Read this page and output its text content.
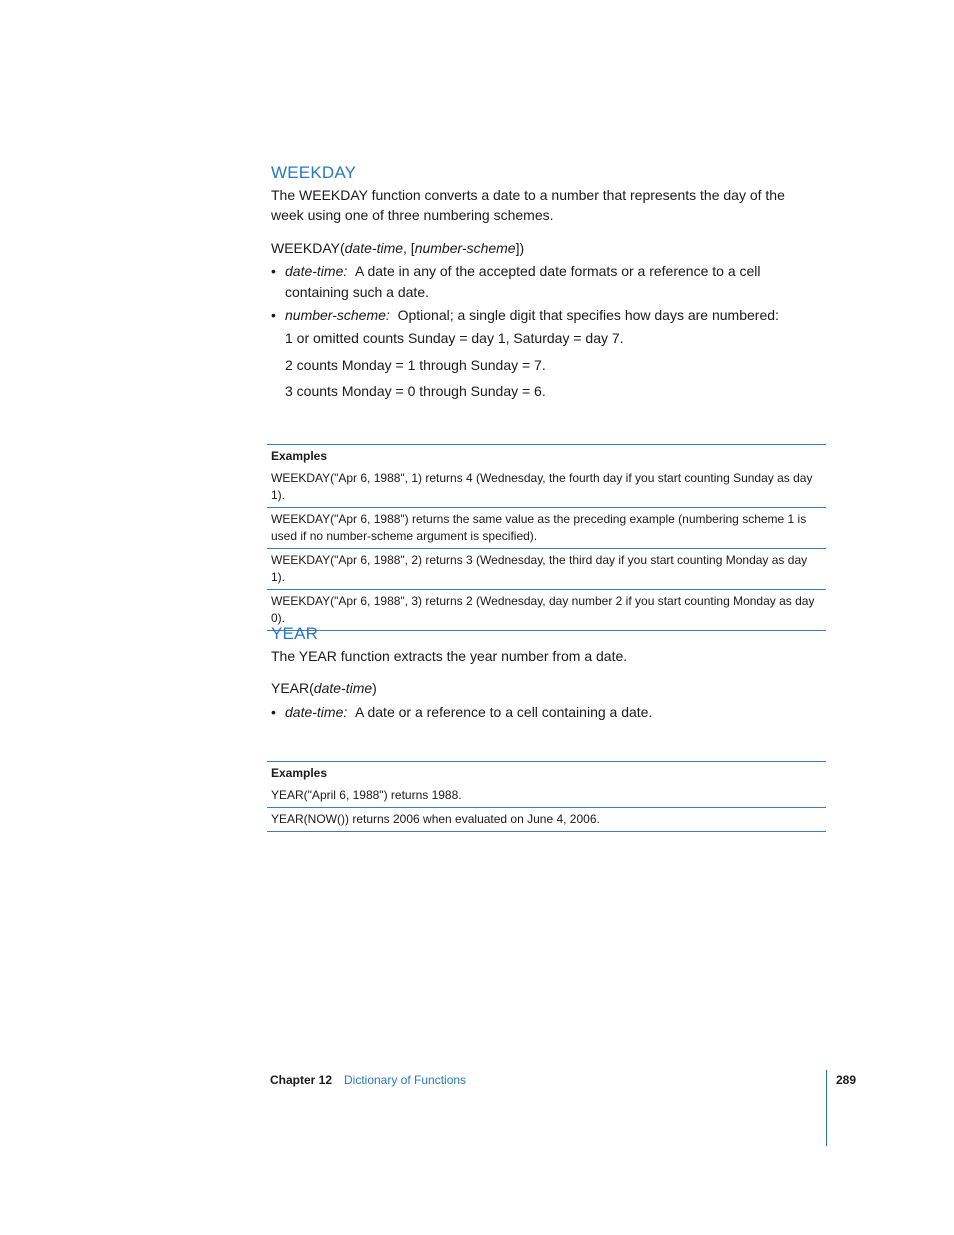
WEEKDAY

The WEEKDAY function converts a date to a number that represents the day of the week using one of three numbering schemes.

WEEKDAY(date-time, [number-scheme])
• date-time: A date in any of the accepted date formats or a reference to a cell containing such a date.
• number-scheme: Optional; a single digit that specifies how days are numbered:
1 or omitted counts Sunday = day 1, Saturday = day 7.
2 counts Monday = 1 through Sunday = 7.
3 counts Monday = 0 through Sunday = 6.
Examples
WEEKDAY("Apr 6, 1988", 1) returns 4 (Wednesday, the fourth day if you start counting Sunday as day 1).
WEEKDAY("Apr 6, 1988") returns the same value as the preceding example (numbering scheme 1 is used if no number-scheme argument is specified).
WEEKDAY("Apr 6, 1988", 2) returns 3 (Wednesday, the third day if you start counting Monday as day 1).
WEEKDAY("Apr 6, 1988", 3) returns 2 (Wednesday, day number 2 if you start counting Monday as day 0).
YEAR

The YEAR function extracts the year number from a date.

YEAR(date-time)
• date-time: A date or a reference to a cell containing a date.
Examples
YEAR("April 6, 1988") returns 1988.
YEAR(NOW()) returns 2006 when evaluated on June 4, 2006.
Chapter 12 Dictionary of Functions	289
